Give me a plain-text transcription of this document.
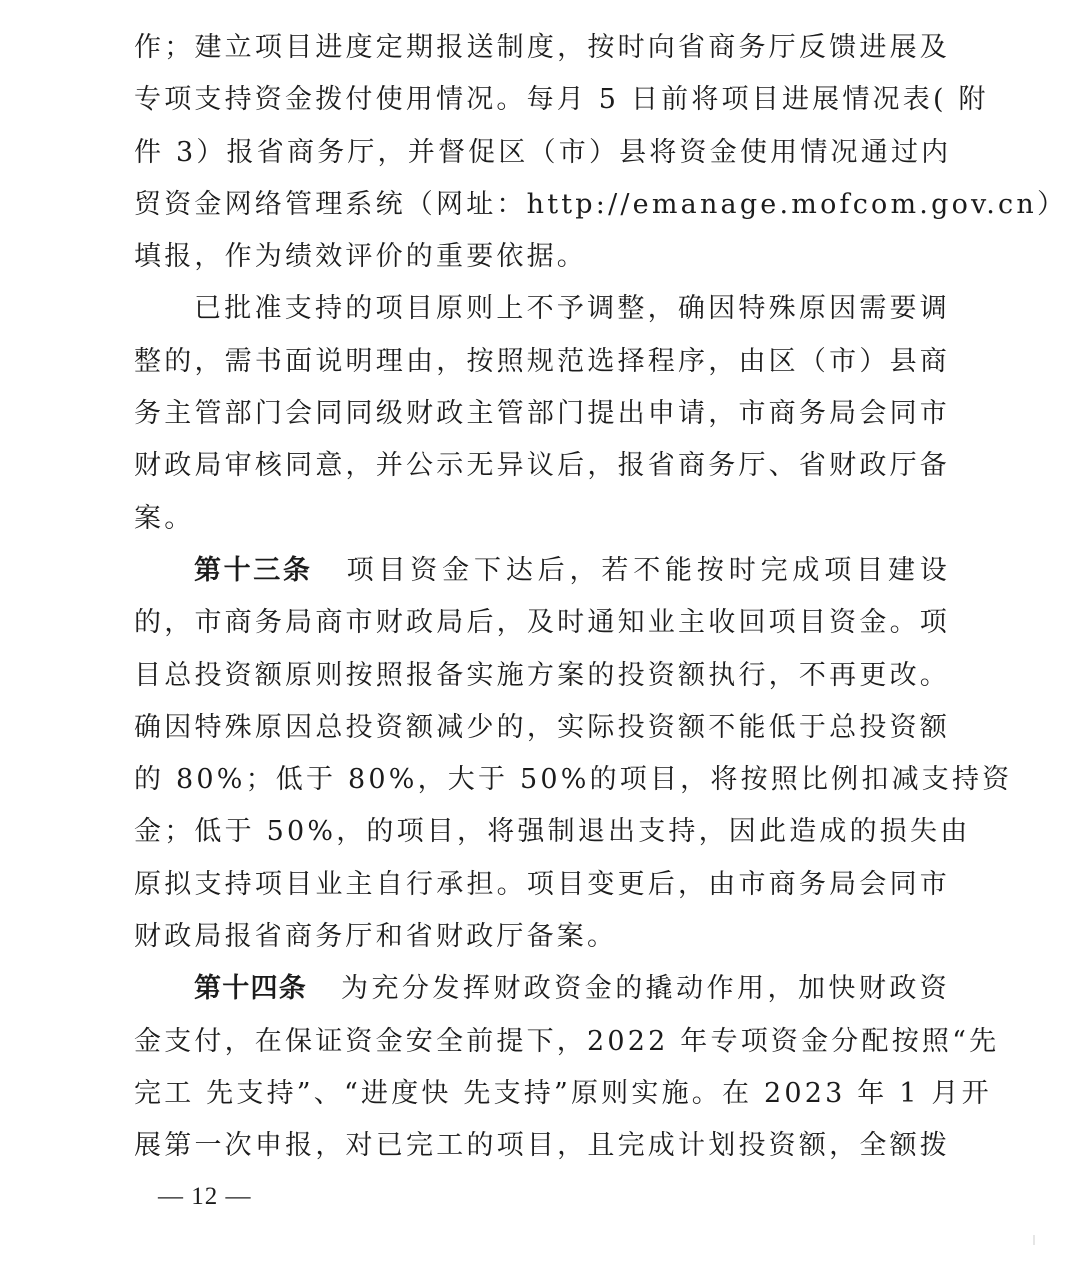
作；建立项目进度定期报送制度，按时向省商务厅反馈进展及
专项支持资金拨付使用情况。每月 5 日前将项目进展情况表( 附
件 3）报省商务厅，并督促区（市）县将资金使用情况通过内
贸资金网络管理系统（网址：http://emanage.mofcom.gov.cn）
填报，作为绩效评价的重要依据。
已批准支持的项目原则上不予调整，确因特殊原因需要调
整的，需书面说明理由，按照规范选择程序，由区（市）县商
务主管部门会同同级财政主管部门提出申请，市商务局会同市
财政局审核同意，并公示无异议后，报省商务厅、省财政厅备
案。
第十三条 项目资金下达后，若不能按时完成项目建设
的，市商务局商市财政局后，及时通知业主收回项目资金。项
目总投资额原则按照报备实施方案的投资额执行，不再更改。
确因特殊原因总投资额减少的，实际投资额不能低于总投资额
的 80%；低于 80%，大于 50%的项目，将按照比例扣减支持资
金；低于 50%，的项目，将强制退出支持，因此造成的损失由
原拟支持项目业主自行承担。项目变更后，由市商务局会同市
财政局报省商务厅和省财政厅备案。
第十四条 为充分发挥财政资金的撬动作用，加快财政资
金支付，在保证资金安全前提下，2022 年专项资金分配按照“先
完工 先支持”、“进度快 先支持”原则实施。在 2023 年 1 月开
展第一次申报，对已完工的项目，且完成计划投资额，全额拨
— 12 —
